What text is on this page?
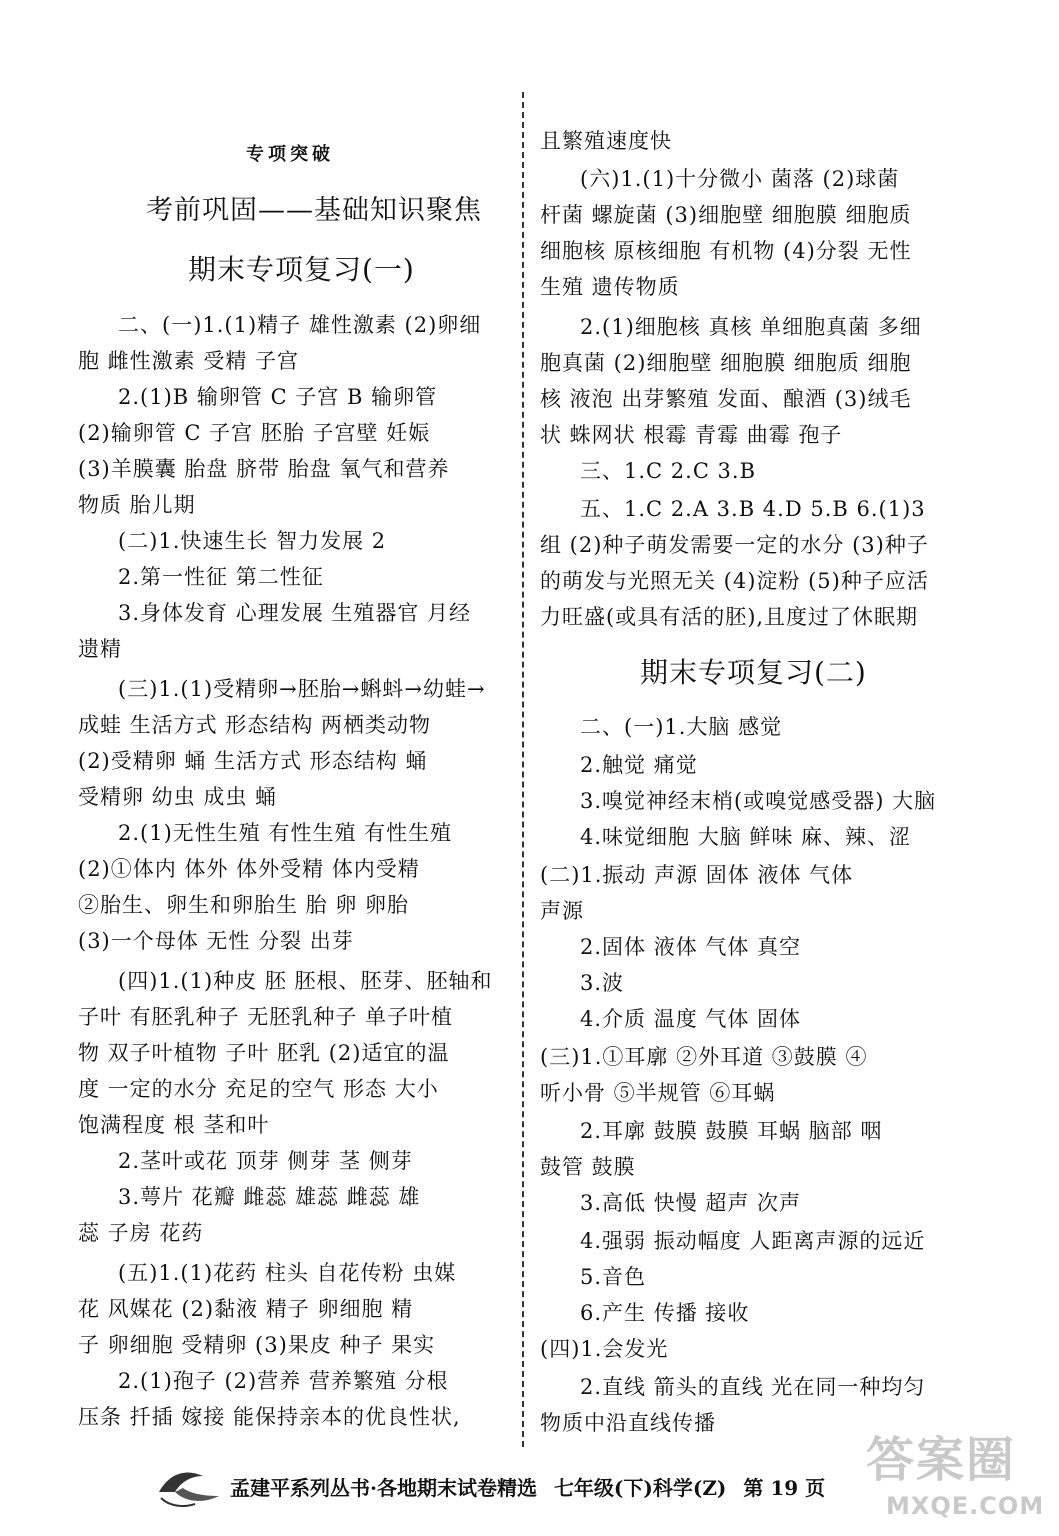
专项突破
考前巩固——基础知识聚焦
期末专项复习(一)
二、(一)1.(1)精子 雄性激素 (2)卵细
胞 雌性激素 受精 子宫
2.(1)B 输卵管 C 子宫 B 输卵管
(2)输卵管 C 子宫 胚胎 子宫壁 妊娠
(3)羊膜囊 胎盘 脐带 胎盘 氧气和营养
物质 胎儿期
(二)1.快速生长 智力发展 2
2.第一性征 第二性征
3.身体发育 心理发展 生殖器官 月经
遗精
(三)1.(1)受精卵→胚胎→蝌蚪→幼蛙→
成蛙 生活方式 形态结构 两栖类动物
(2)受精卵 蛹 生活方式 形态结构 蛹
受精卵 幼虫 成虫 蛹
2.(1)无性生殖 有性生殖 有性生殖
(2)①体内 体外 体外受精 体内受精
②胎生、卵生和卵胎生 胎 卵 卵胎
(3)一个母体 无性 分裂 出芽
(四)1.(1)种皮 胚 胚根、胚芽、胚轴和
子叶 有胚乳种子 无胚乳种子 单子叶植
物 双子叶植物 子叶 胚乳 (2)适宜的温
度 一定的水分 充足的空气 形态 大小
饱满程度 根 茎和叶
2.茎叶或花 顶芽 侧芽 茎 侧芽
3.萼片 花瓣 雌蕊 雄蕊 雌蕊 雄
蕊 子房 花药
(五)1.(1)花药 柱头 自花传粉 虫媒
花 风媒花 (2)黏液 精子 卵细胞 精
子 卵细胞 受精卵 (3)果皮 种子 果实
2.(1)孢子 (2)营养 营养繁殖 分根
压条 扦插 嫁接 能保持亲本的优良性状,
且繁殖速度快
(六)1.(1)十分微小 菌落 (2)球菌
杆菌 螺旋菌 (3)细胞壁 细胞膜 细胞质
细胞核 原核细胞 有机物 (4)分裂 无性
生殖 遗传物质
2.(1)细胞核 真核 单细胞真菌 多细
胞真菌 (2)细胞壁 细胞膜 细胞质 细胞
核 液泡 出芽繁殖 发面、酿酒 (3)绒毛
状 蛛网状 根霉 青霉 曲霉 孢子
三、1.C 2.C 3.B
五、1.C 2.A 3.B 4.D 5.B 6.(1)3
组 (2)种子萌发需要一定的水分 (3)种子
的萌发与光照无关 (4)淀粉 (5)种子应活
力旺盛(或具有活的胚),且度过了休眠期
期末专项复习(二)
二、(一)1.大脑 感觉
2.触觉 痛觉
3.嗅觉神经末梢(或嗅觉感受器) 大脑
4.味觉细胞 大脑 鲜味 麻、辣、涩
(二)1.振动 声源 固体 液体 气体
声源
2.固体 液体 气体 真空
3.波
4.介质 温度 气体 固体
(三)1.①耳廓 ②外耳道 ③鼓膜 ④
听小骨 ⑤半规管 ⑥耳蜗
2.耳廓 鼓膜 鼓膜 耳蜗 脑部 咽
鼓管 鼓膜
3.高低 快慢 超声 次声
4.强弱 振动幅度 人距离声源的远近
5.音色
6.产生 传播 接收
(四)1.会发光
2.直线 箭头的直线 光在同一种均匀
物质中沿直线传播
孟建平系列丛书·各地期末试卷精选 七年级(下)科学(Z) 第 19 页 答案圈
MXQE.COM
